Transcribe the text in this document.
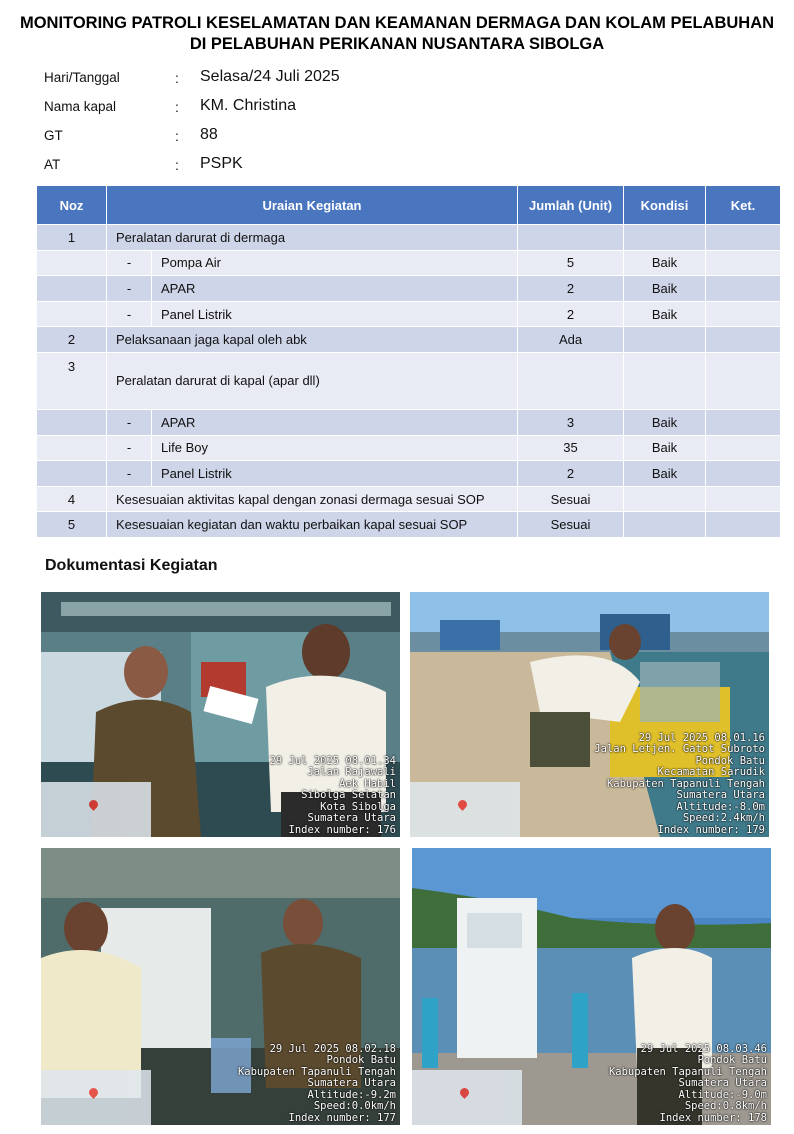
MONITORING PATROLI KESELAMATAN DAN KEAMANAN DERMAGA DAN KOLAM PELABUHAN
DI PELABUHAN PERIKANAN NUSANTARA SIBOLGA
Hari/Tanggal	: Selasa/24 Juli 2025
Nama kapal	: KM. Christina
GT	: 88
AT	: PSPK
Noz	Uraian Kegiatan		Jumlah (Unit)	Kondisi	Ket.
1	Peralatan darurat di dermaga				
	-	Pompa Air	5	Baik	
	-	APAR	2	Baik	
	-	Panel Listrik	2	Baik	
2	Pelaksanaan jaga kapal oleh abk		Ada		
3	Peralatan darurat di kapal (apar dll)				
	-	APAR	3	Baik	
	-	Life Boy	35	Baik	
	-	Panel Listrik	2	Baik	
4	Kesesuaian aktivitas kapal dengan zonasi dermaga sesuai SOP		Sesuai		
5	Kesesuaian kegiatan dan waktu perbaikan kapal sesuai SOP		Sesuai		
Dokumentasi Kegiatan
29 Jul 2025 08.01.34
Jalan Rajawali
Aek Habil
Sibolga Selatan
Kota Sibolga
Sumatera Utara
Index number: 176
29 Jul 2025 08.01.16
Jalan Letjen. Gatot Subroto
Pondok Batu
Kecamatan Sarudik
Kabupaten Tapanuli Tengah
Sumatera Utara
Altitude:-8.0m
Speed:2.4km/h
Index number: 179
29 Jul 2025 08.02.18
Pondok Batu
Kabupaten Tapanuli Tengah
Sumatera Utara
Altitude:-9.2m
Speed:0.0km/h
Index number: 177
29 Jul 2025 08.03.46
Pondok Batu
Kabupaten Tapanuli Tengah
Sumatera Utara
Altitude:-9.0m
Speed:0.8km/h
Index number: 178
